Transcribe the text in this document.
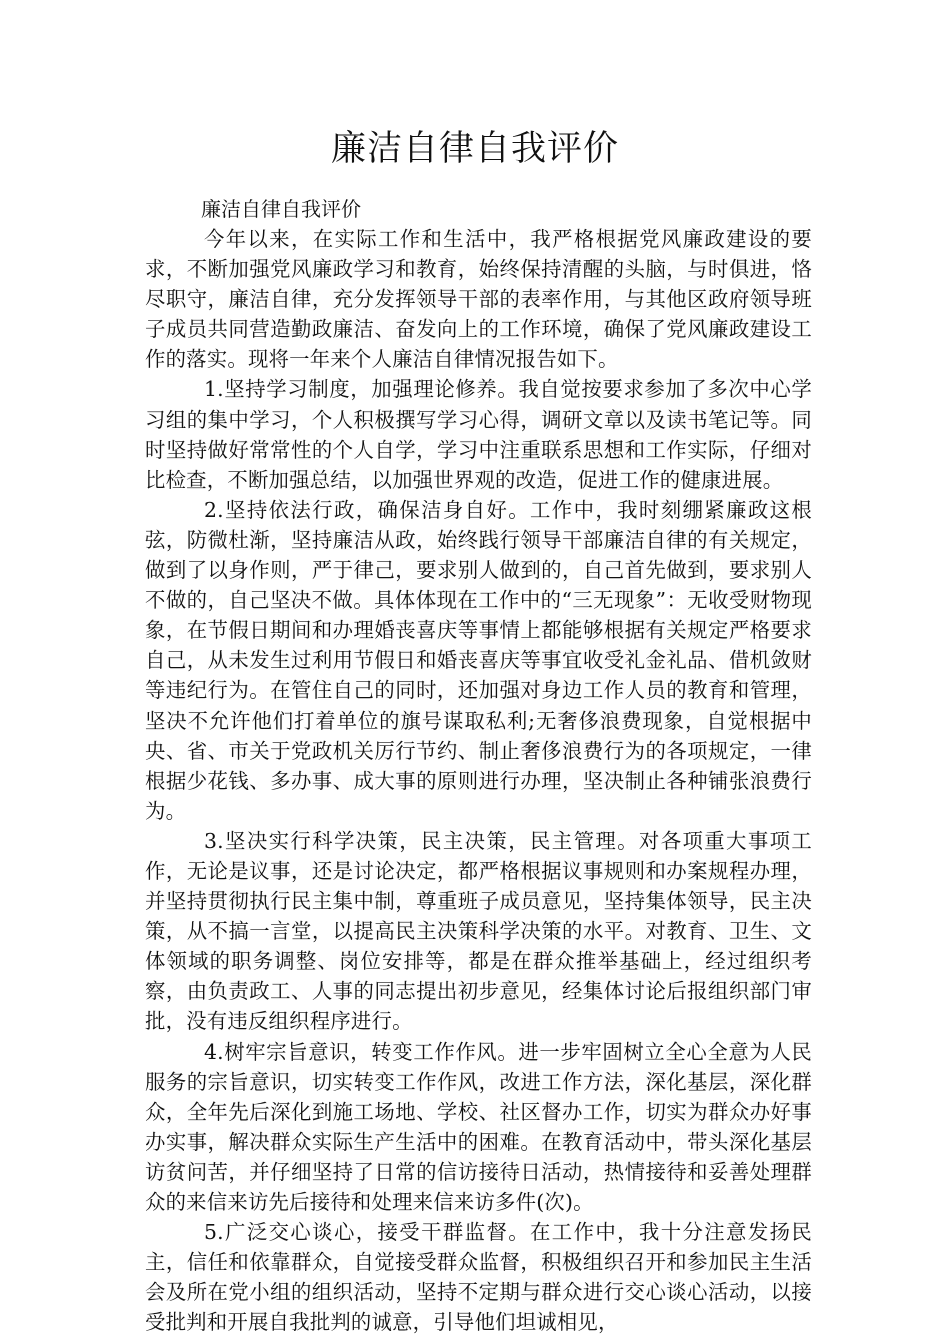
廉洁自律自我评价

廉洁自律自我评价

今年以来，在实际工作和生活中，我严格根据党风廉政建设的要求，不断加强党风廉政学习和教育，始终保持清醒的头脑，与时俱进，恪尽职守，廉洁自律，充分发挥领导干部的表率作用，与其他区政府领导班子成员共同营造勤政廉洁、奋发向上的工作环境，确保了党风廉政建设工作的落实。现将一年来个人廉洁自律情况报告如下。

1.坚持学习制度，加强理论修养。我自觉按要求参加了多次中心学习组的集中学习，个人积极撰写学习心得，调研文章以及读书笔记等。同时坚持做好常常性的个人自学，学习中注重联系思想和工作实际，仔细对比检查，不断加强总结，以加强世界观的改造，促进工作的健康进展。

2.坚持依法行政，确保洁身自好。工作中，我时刻绷紧廉政这根弦，防微杜渐，坚持廉洁从政，始终践行领导干部廉洁自律的有关规定，做到了以身作则，严于律己，要求别人做到的，自己首先做到，要求别人不做的，自己坚决不做。具体体现在工作中的“三无现象”：无收受财物现象，在节假日期间和办理婚丧喜庆等事情上都能够根据有关规定严格要求自己，从未发生过利用节假日和婚丧喜庆等事宜收受礼金礼品、借机敛财等违纪行为。在管住自己的同时，还加强对身边工作人员的教育和管理，坚决不允许他们打着单位的旗号谋取私利;无奢侈浪费现象，自觉根据中央、省、市关于党政机关厉行节约、制止奢侈浪费行为的各项规定，一律根据少花钱、多办事、成大事的原则进行办理，坚决制止各种铺张浪费行为。

3.坚决实行科学决策，民主决策，民主管理。对各项重大事项工作，无论是议事，还是讨论决定，都严格根据议事规则和办案规程办理，并坚持贯彻执行民主集中制，尊重班子成员意见，坚持集体领导，民主决策，从不搞一言堂，以提高民主决策科学决策的水平。对教育、卫生、文体领域的职务调整、岗位安排等，都是在群众推举基础上，经过组织考察，由负责政工、人事的同志提出初步意见，经集体讨论后报组织部门审批，没有违反组织程序进行。

4.树牢宗旨意识，转变工作作风。进一步牢固树立全心全意为人民服务的宗旨意识，切实转变工作作风，改进工作方法，深化基层，深化群众，全年先后深化到施工场地、学校、社区督办工作，切实为群众办好事办实事，解决群众实际生产生活中的困难。在教育活动中，带头深化基层访贫问苦，并仔细坚持了日常的信访接待日活动，热情接待和妥善处理群众的来信来访先后接待和处理来信来访多件(次)。

5.广泛交心谈心，接受干群监督。在工作中，我十分注意发扬民主，信任和依靠群众，自觉接受群众监督，积极组织召开和参加民主生活会及所在党小组的组织活动，坚持不定期与群众进行交心谈心活动，以接受批判和开展自我批判的诚意，引导他们坦诚相见，
